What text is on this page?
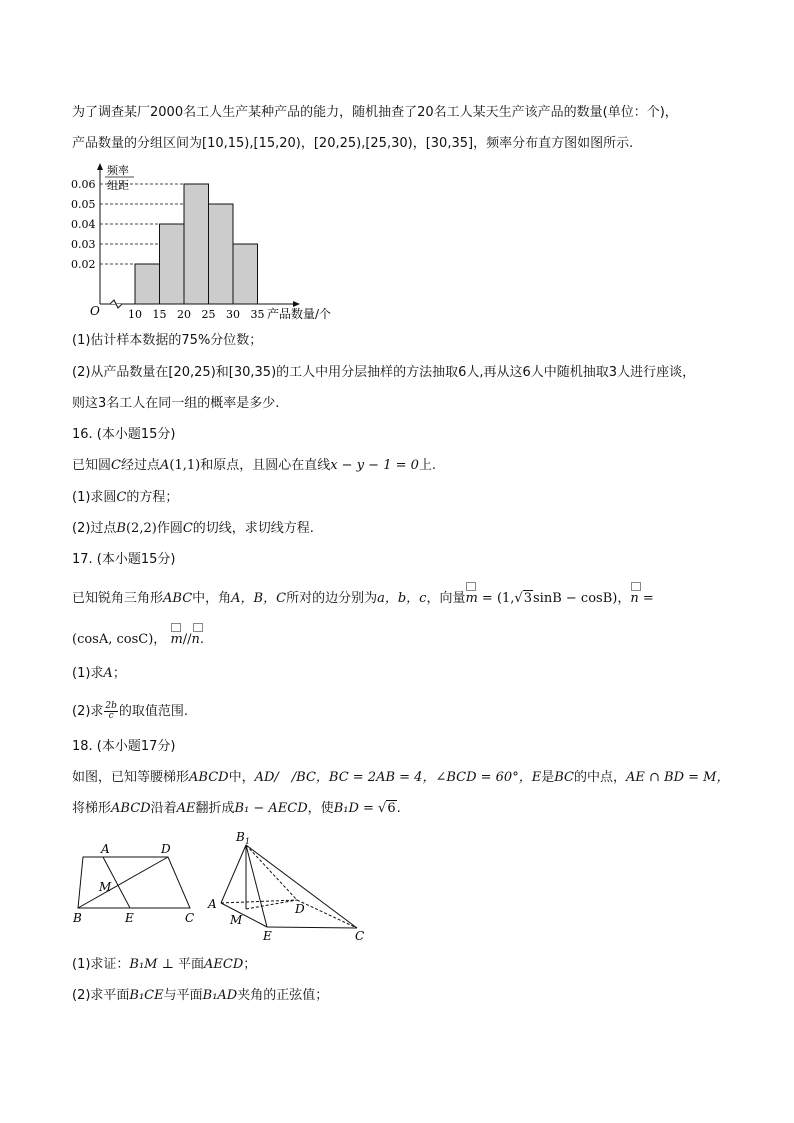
为了调查某厂2000名工人生产某种产品的能力，随机抽查了20名工人某天生产该产品的数量(单位：个)，
产品数量的分组区间为[10,15),[15,20)，[20,25),[25,30)，[30,35]，频率分布直方图如图所示.
频率
组距
0.02
0.03
0.04
0.05
0.06
10 15 20 25 30 35
O	产品数量/个
(1)估计样本数据的75%分位数；
(2)从产品数量在[20,25)和[30,35)的工人中用分层抽样的方法抽取6人,再从这6人中随机抽取3人进行座谈，
则这3名工人在同一组的概率是多少.
16. (本小题15分)
已知圆C经过点A(1,1)和原点，且圆心在直线x − y − 1 = 0上.
(1)求圆C的方程；
(2)过点B(2,2)作圆C的切线，求切线方程.
17. (本小题15分)
已知锐角三角形ABC中，角A，B，C所对的边分别为a，b，c，向量
m = (1,√3sinB − cosB)，
n =
(cosA, cosC)， m//
n.
(1)求A；
(2)求 $\frac{2b}{c}$ 的取值范围.
18. (本小题17分)
如图，已知等腰梯形ABCD中，AD/　/BC，BC = 2AB = 4，∠BCD = 60°，E是BC的中点，AE ∩ BD = M，
将梯形ABCD沿着AE翻折成B₁ − AECD，使B₁D = √6.
A	D
M
B	E	C
$B_1$
A	D
M
E	C
(1)求证：B₁M ⊥ 平面AECD；
(2)求平面B₁CE与平面B₁AD夹角的正弦值；
